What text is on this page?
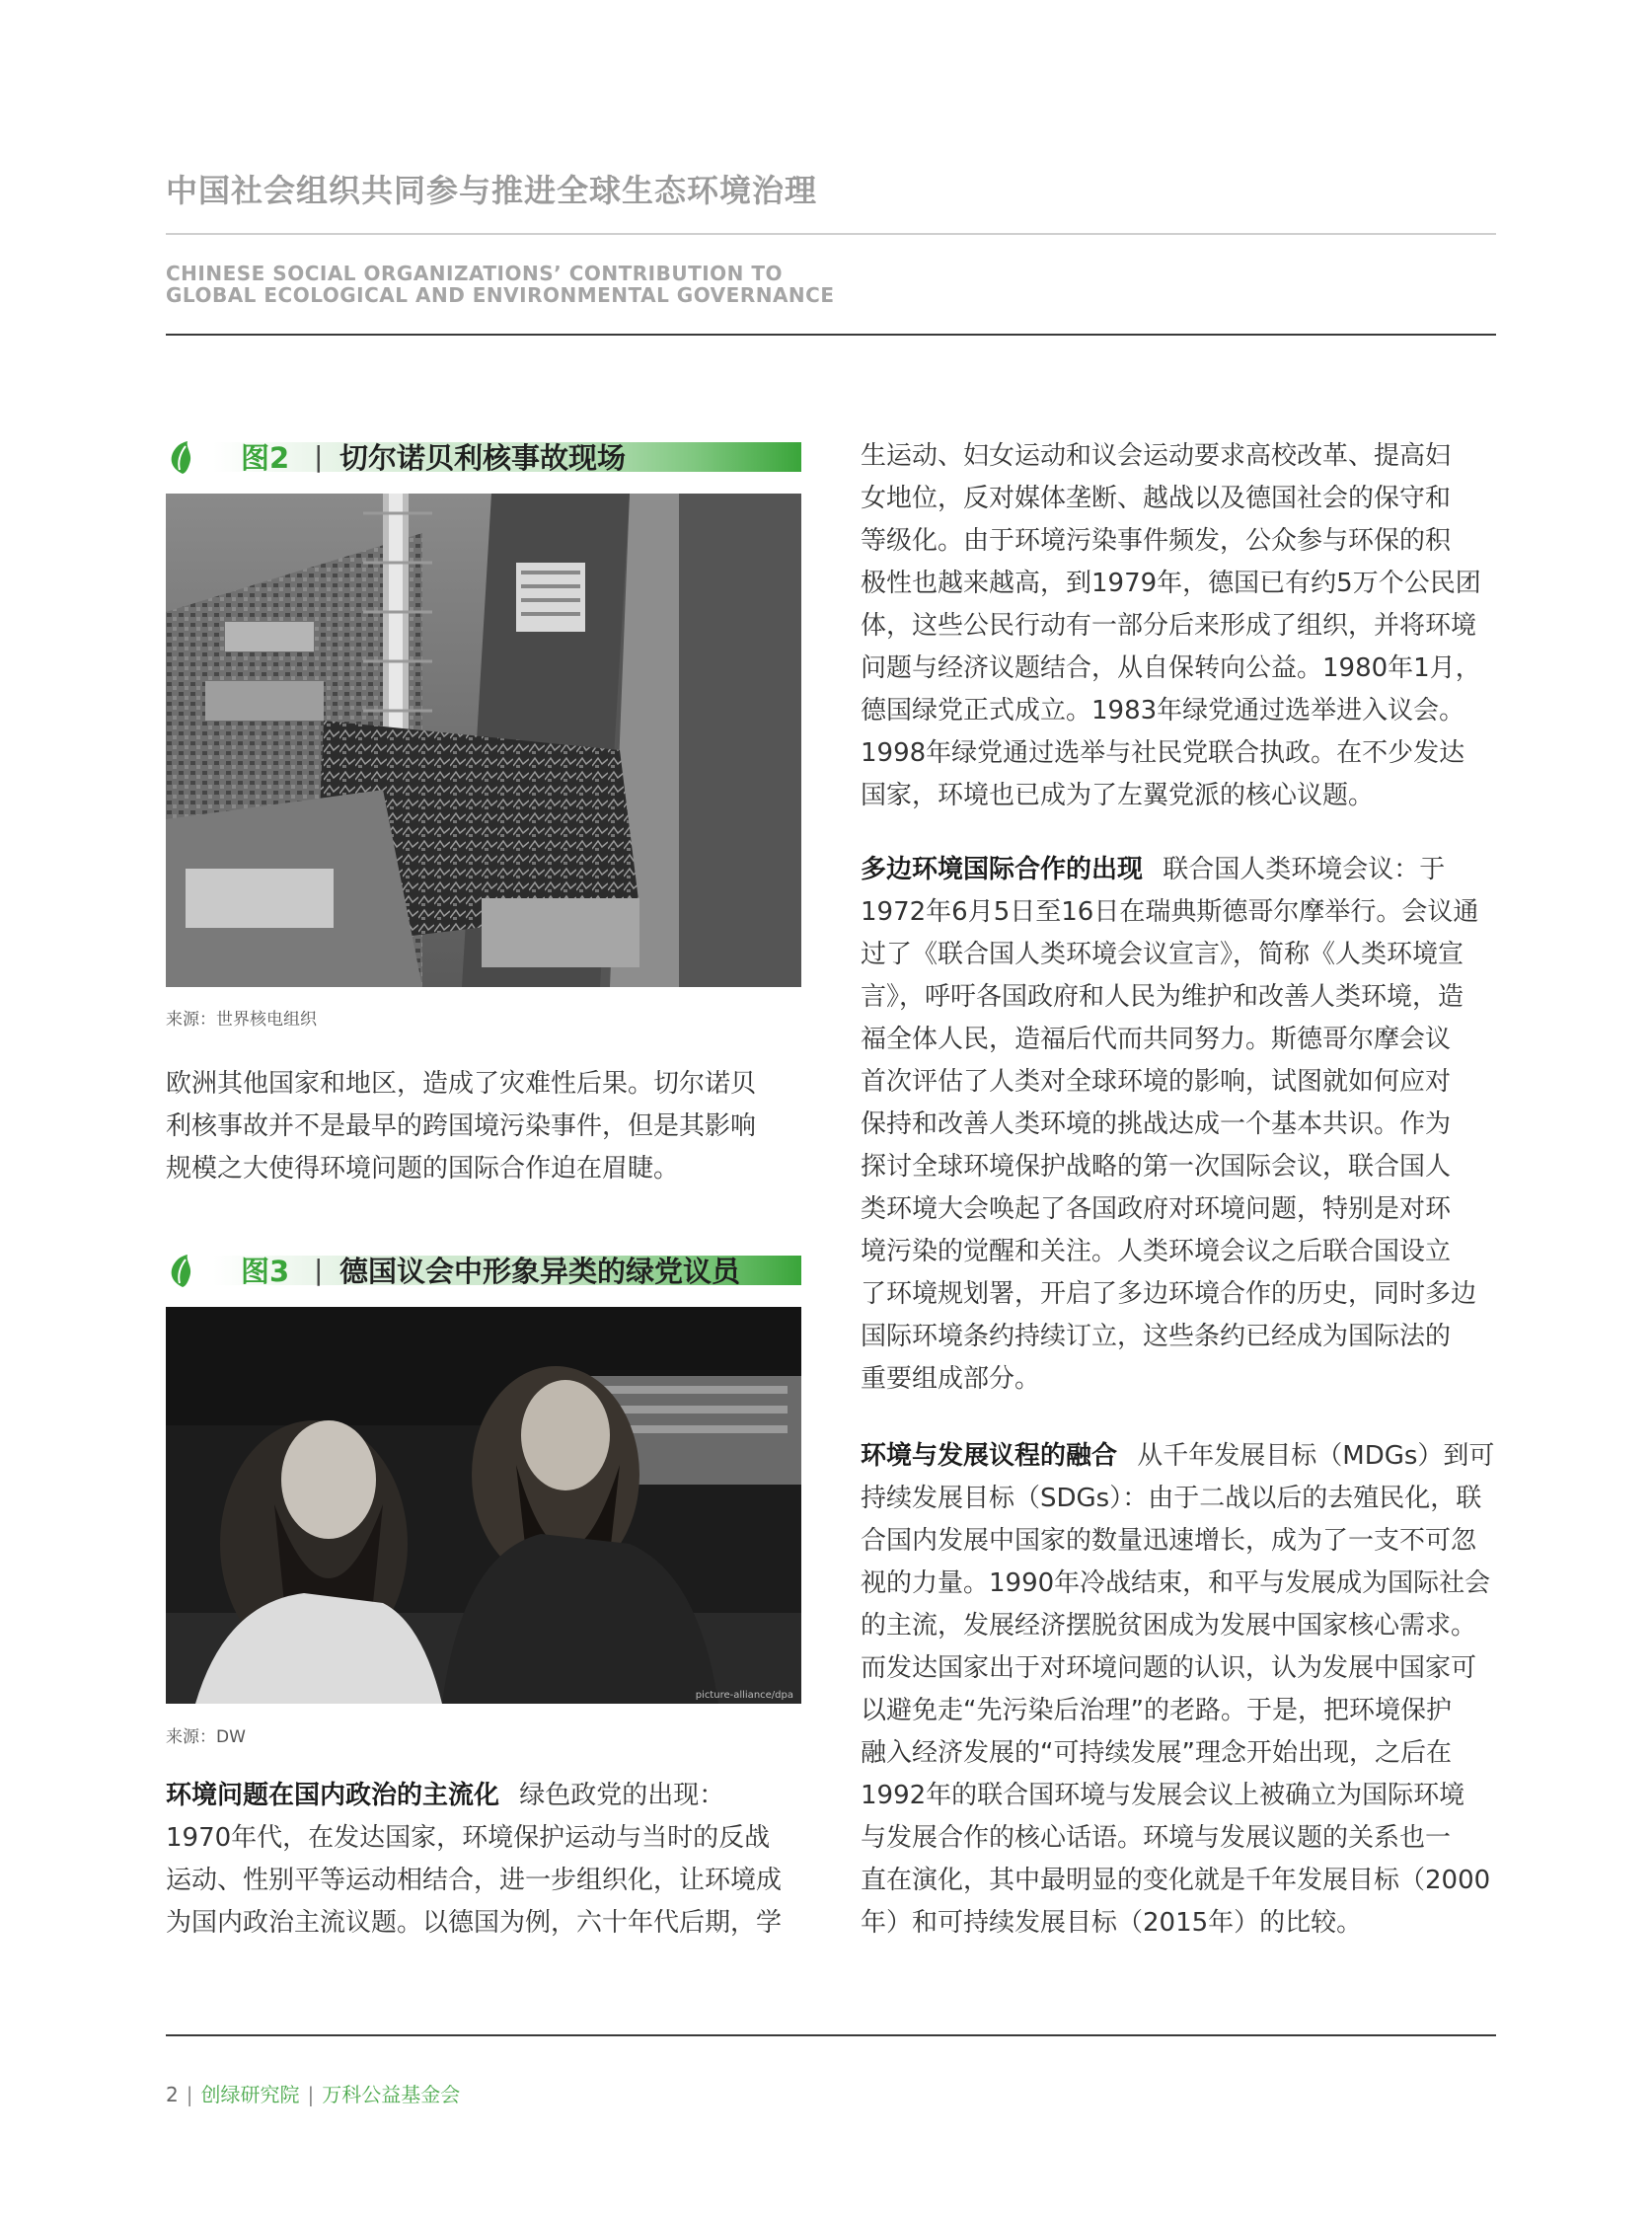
中国社会组织共同参与推进全球生态环境治理
CHINESE SOCIAL ORGANIZATIONS’ CONTRIBUTION TO
GLOBAL ECOLOGICAL AND ENVIRONMENTAL GOVERNANCE
图2 | 切尔诺贝利核事故现场
来源：世界核电组织
欧洲其他国家和地区，造成了灾难性后果。切尔诺贝
利核事故并不是最早的跨国境污染事件，但是其影响
规模之大使得环境问题的国际合作迫在眉睫。
图3 | 德国议会中形象异类的绿党议员
picture-alliance/dpa
来源：DW
环境问题在国内政治的主流化 绿色政党的出现：
1970年代，在发达国家，环境保护运动与当时的反战
运动、性别平等运动相结合，进一步组织化，让环境成
为国内政治主流议题。以德国为例，六十年代后期，学
生运动、妇女运动和议会运动要求高校改革、提高妇
女地位，反对媒体垄断、越战以及德国社会的保守和
等级化。由于环境污染事件频发，公众参与环保的积
极性也越来越高，到1979年，德国已有约5万个公民团
体，这些公民行动有一部分后来形成了组织，并将环境
问题与经济议题结合，从自保转向公益。1980年1月，
德国绿党正式成立。1983年绿党通过选举进入议会。
1998年绿党通过选举与社民党联合执政。在不少发达
国家，环境也已成为了左翼党派的核心议题。
多边环境国际合作的出现 联合国人类环境会议：于
1972年6月5日至16日在瑞典斯德哥尔摩举行。会议通
过了《联合国人类环境会议宣言》，简称《人类环境宣
言》，呼吁各国政府和人民为维护和改善人类环境，造
福全体人民，造福后代而共同努力。斯德哥尔摩会议
首次评估了人类对全球环境的影响，试图就如何应对
保持和改善人类环境的挑战达成一个基本共识。作为
探讨全球环境保护战略的第一次国际会议，联合国人
类环境大会唤起了各国政府对环境问题，特别是对环
境污染的觉醒和关注。人类环境会议之后联合国设立
了环境规划署，开启了多边环境合作的历史，同时多边
国际环境条约持续订立，这些条约已经成为国际法的
重要组成部分。
环境与发展议程的融合 从千年发展目标（MDGs）到可
持续发展目标（SDGs）：由于二战以后的去殖民化，联
合国内发展中国家的数量迅速增长，成为了一支不可忽
视的力量。1990年冷战结束，和平与发展成为国际社会
的主流，发展经济摆脱贫困成为发展中国家核心需求。
而发达国家出于对环境问题的认识，认为发展中国家可
以避免走“先污染后治理”的老路。于是，把环境保护
融入经济发展的“可持续发展”理念开始出现，之后在
1992年的联合国环境与发展会议上被确立为国际环境
与发展合作的核心话语。环境与发展议题的关系也一
直在演化，其中最明显的变化就是千年发展目标（2000
年）和可持续发展目标（2015年）的比较。
2 | 创绿研究院 | 万科公益基金会
